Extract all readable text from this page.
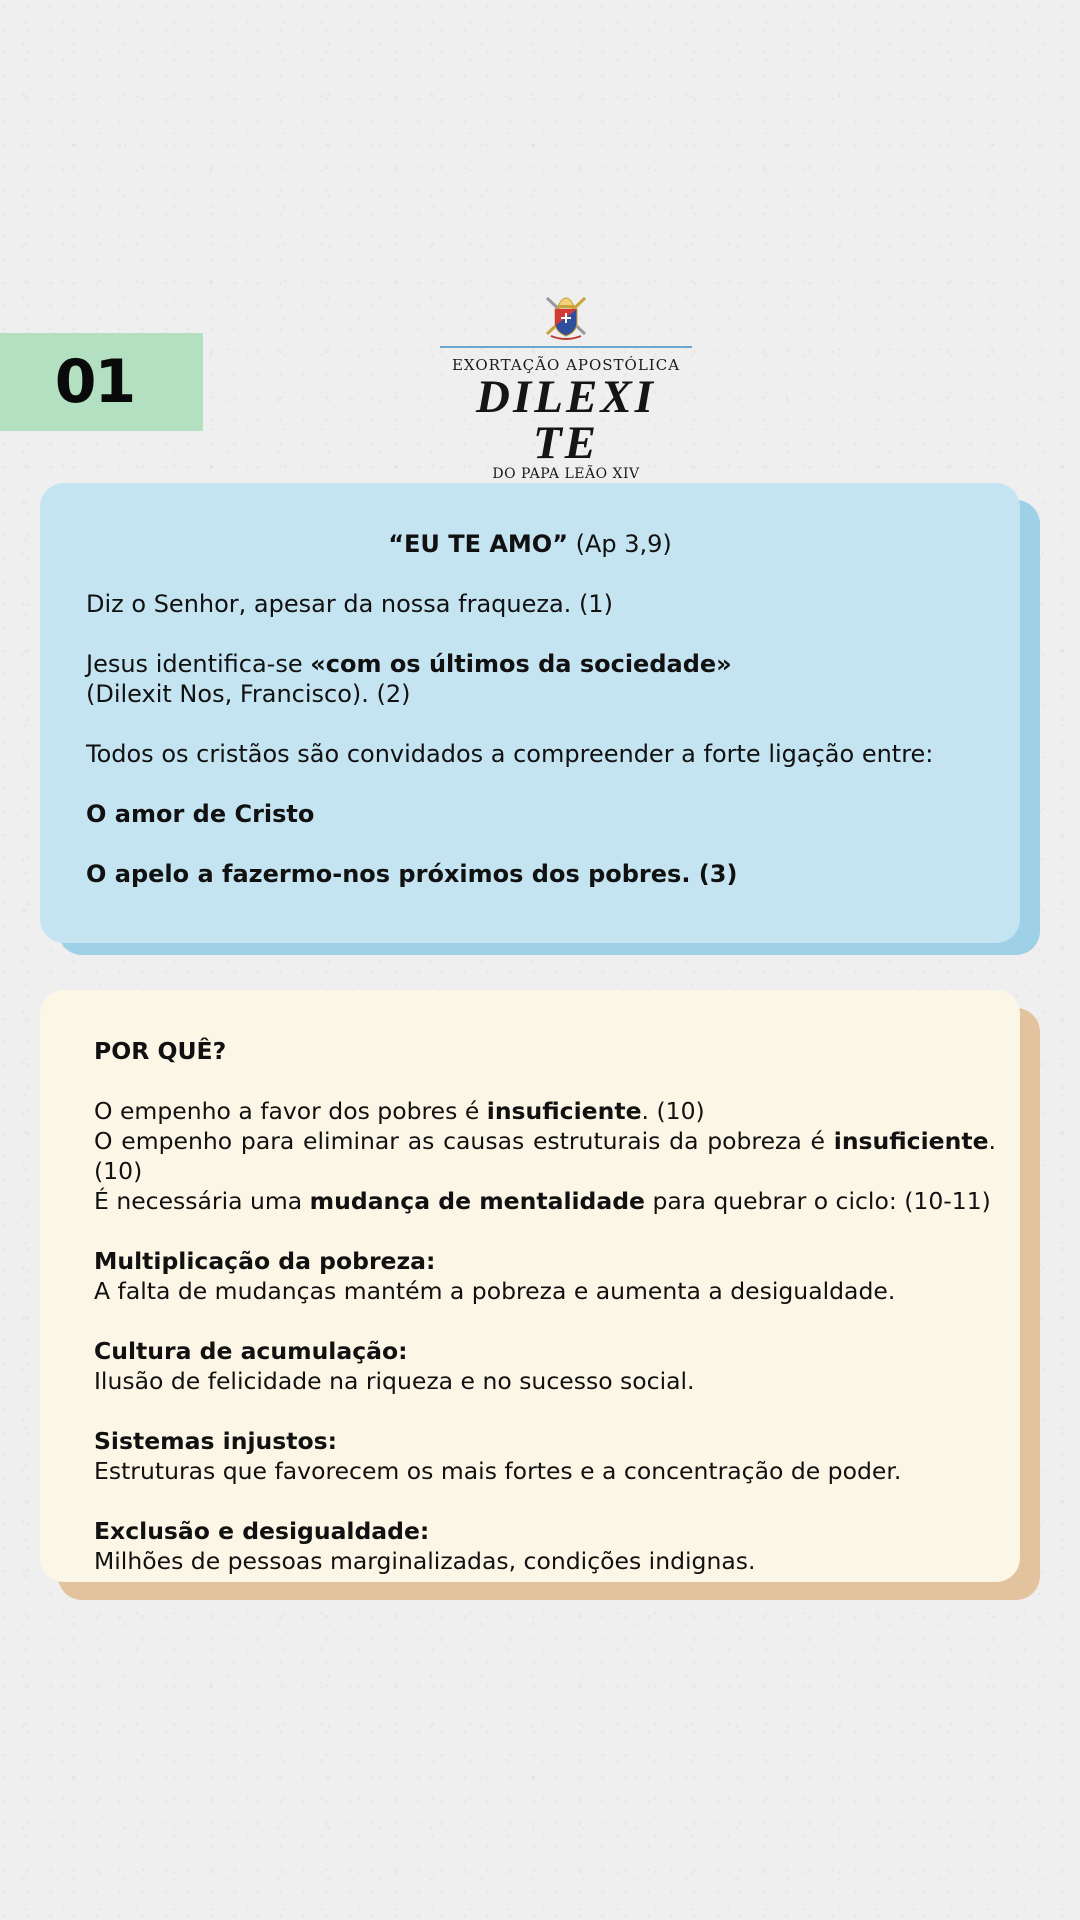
01	EXORTAÇÃO APOSTÓLICA
DILEXI TE
DO PAPA LEÃO XIV

“EU TE AMO” (Ap 3,9)

Diz o Senhor, apesar da nossa fraqueza. (1)

Jesus identifica-se «com os últimos da sociedade»
(Dilexit Nos, Francisco). (2)

Todos os cristãos são convidados a compreender a forte ligação entre:

O amor de Cristo

O apelo a fazermo-nos próximos dos pobres. (3)

POR QUÊ?

O empenho a favor dos pobres é insuficiente. (10)

O empenho para eliminar as causas estruturais da pobreza é insuficiente. (10)

É necessária uma mudança de mentalidade para quebrar o ciclo: (10-11)

Multiplicação da pobreza:

A falta de mudanças mantém a pobreza e aumenta a desigualdade.

Cultura de acumulação:

Ilusão de felicidade na riqueza e no sucesso social.

Sistemas injustos:

Estruturas que favorecem os mais fortes e a concentração de poder.

Exclusão e desigualdade:

Milhões de pessoas marginalizadas, condições indignas.
